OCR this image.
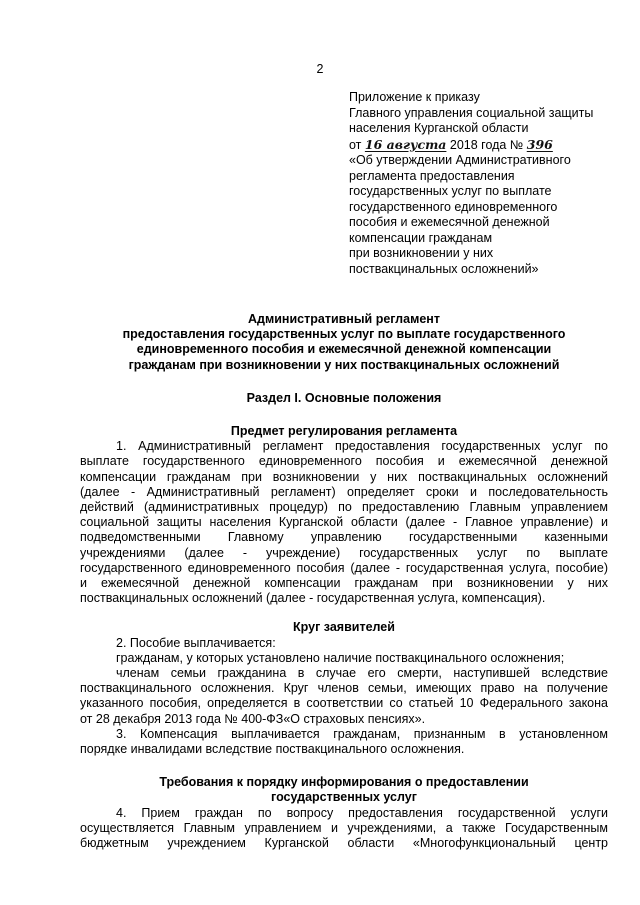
2
Приложение к приказу
Главного управления социальной защиты
населения Курганской области
от 16 августа 2018 года № 396
«Об утверждении Административного
регламента предоставления
государственных услуг по выплате
государственного единовременного
пособия и ежемесячной денежной
компенсации гражданам
при возникновении у них
поствакцинальных осложнений»

Административный регламент

предоставления государственных услуг по выплате государственного

единовременного пособия и ежемесячной денежной компенсации

гражданам при возникновении у них поствакцинальных осложнений

Раздел I. Основные положения

Предмет регулирования регламента

1. Административный регламент предоставления государственных услуг по

выплате государственного единовременного пособия и ежемесячной денежной

компенсации гражданам при возникновении у них поствакцинальных осложнений

(далее - Административный регламент) определяет сроки и последовательность

действий (административных процедур) по предоставлению Главным управлением

социальной защиты населения Курганской области (далее - Главное управление) и

подведомственными Главному управлению государственными казенными

учреждениями (далее - учреждение) государственных услуг по выплате

государственного единовременного пособия (далее - государственная услуга, пособие)

и ежемесячной денежной компенсации гражданам при возникновении у них

поствакцинальных осложнений (далее - государственная услуга, компенсация).

Круг заявителей

2. Пособие выплачивается:

гражданам, у которых установлено наличие поствакцинального осложнения;

членам семьи гражданина в случае его смерти, наступившей вследствие

поствакцинального осложнения. Круг членов семьи, имеющих право на получение

указанного пособия, определяется в соответствии со статьей 10 Федерального закона

от 28 декабря 2013 года № 400-ФЗ«О страховых пенсиях».

3. Компенсация выплачивается гражданам, признанным в установленном

порядке инвалидами вследствие поствакцинального осложнения.

Требования к порядку информирования о предоставлении

государственных услуг

4. Прием граждан по вопросу предоставления государственной услуги

осуществляется Главным управлением и учреждениями, а также Государственным

бюджетным учреждением Курганской области «Многофункциональный центр
